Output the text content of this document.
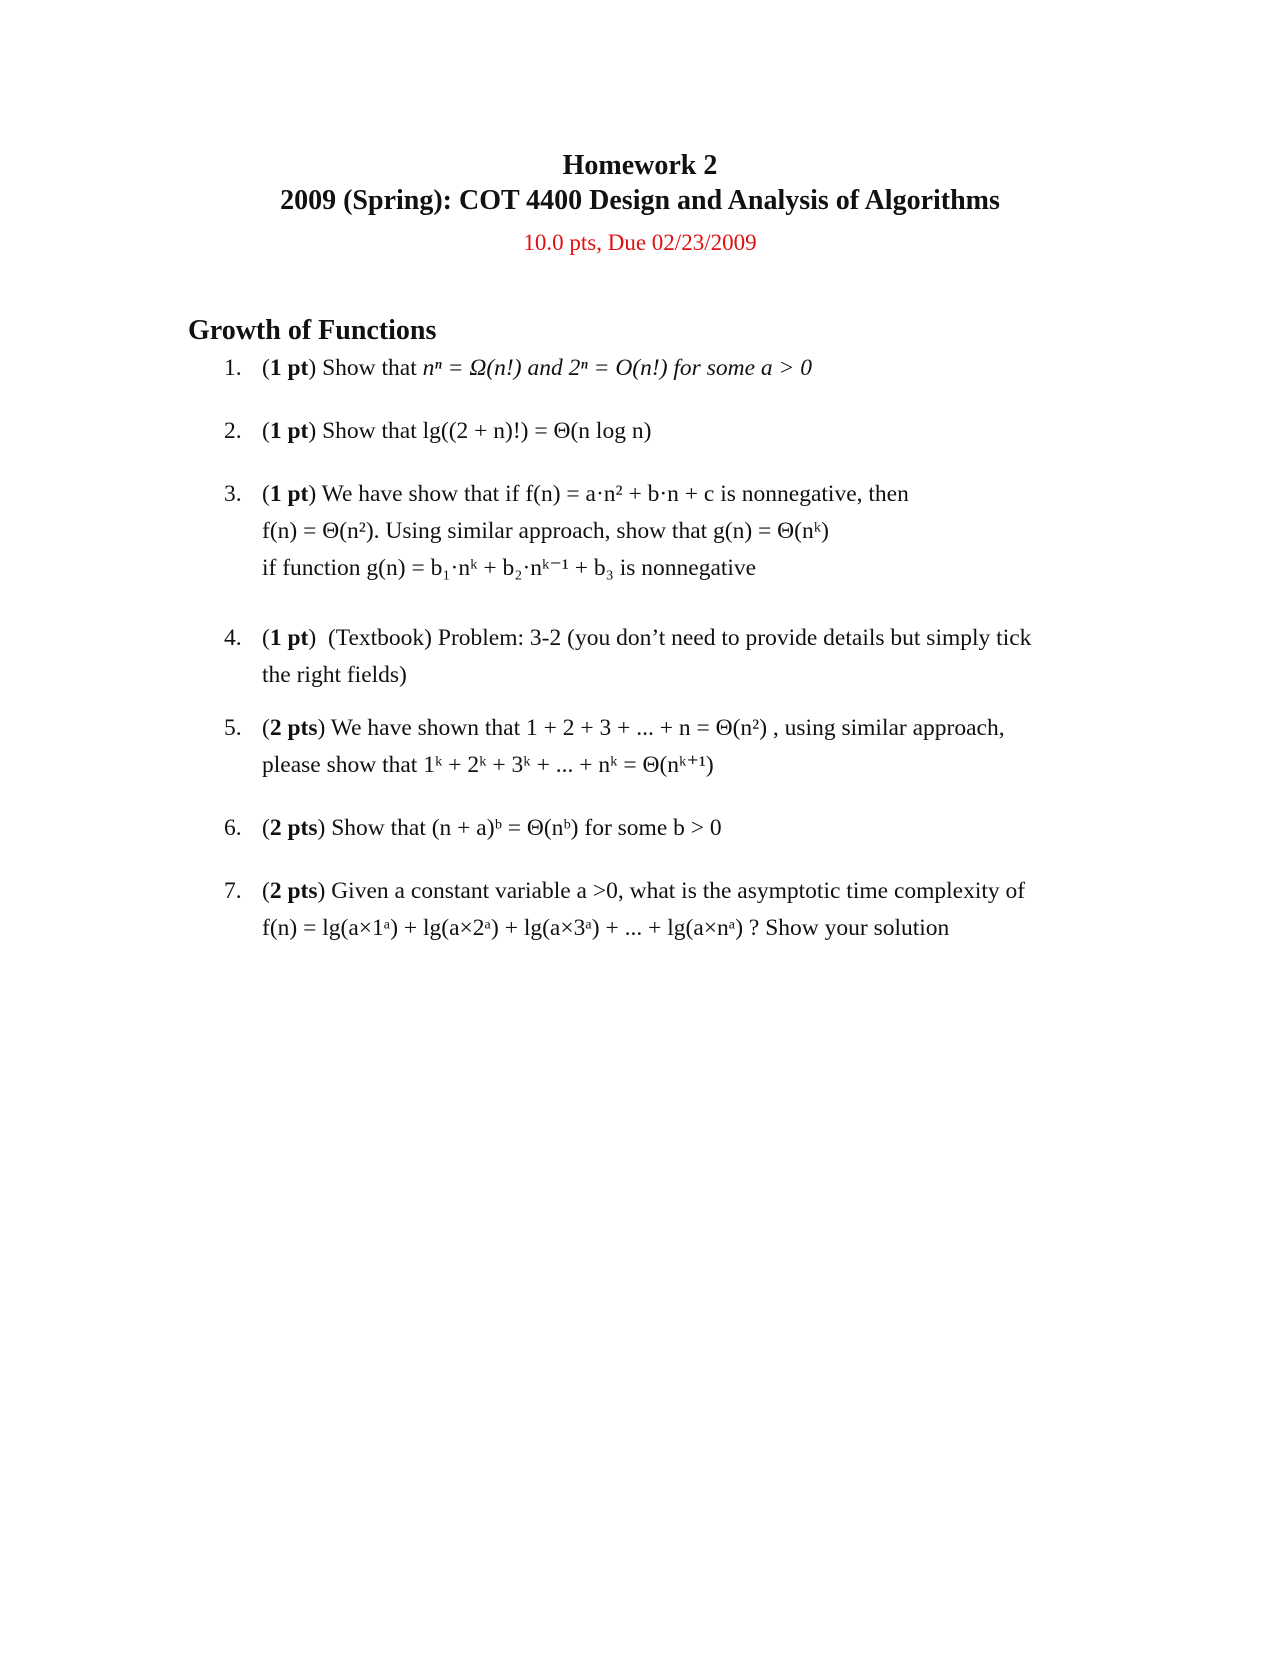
Homework 2
2009 (Spring): COT 4400 Design and Analysis of Algorithms
10.0 pts, Due 02/23/2009
Growth of Functions
1. (1 pt) Show that nⁿ = Ω(n!) and 2ⁿ = O(n!) for some a > 0
2. (1 pt) Show that lg((2 + n)!) = Θ(n log n)
3. (1 pt) We have show that if f(n) = a·n² + b·n + c is nonnegative, then
f(n) = Θ(n²). Using similar approach, show that g(n) = Θ(nᵏ)
if function g(n) = b₁·nᵏ + b₂·nᵏ⁻¹ + b₃ is nonnegative
4. (1 pt)  (Textbook) Problem: 3-2 (you don’t need to provide details but simply tick
the right fields)
5. (2 pts) We have shown that 1 + 2 + 3 + ... + n = Θ(n²) , using similar approach,
please show that 1ᵏ + 2ᵏ + 3ᵏ + ... + nᵏ = Θ(nᵏ⁺¹)
6. (2 pts) Show that (n + a)ᵇ = Θ(nᵇ) for some b > 0
7. (2 pts) Given a constant variable a >0, what is the asymptotic time complexity of
f(n) = lg(a×1ᵃ) + lg(a×2ᵃ) + lg(a×3ᵃ) + ... + lg(a×nᵃ) ? Show your solution
